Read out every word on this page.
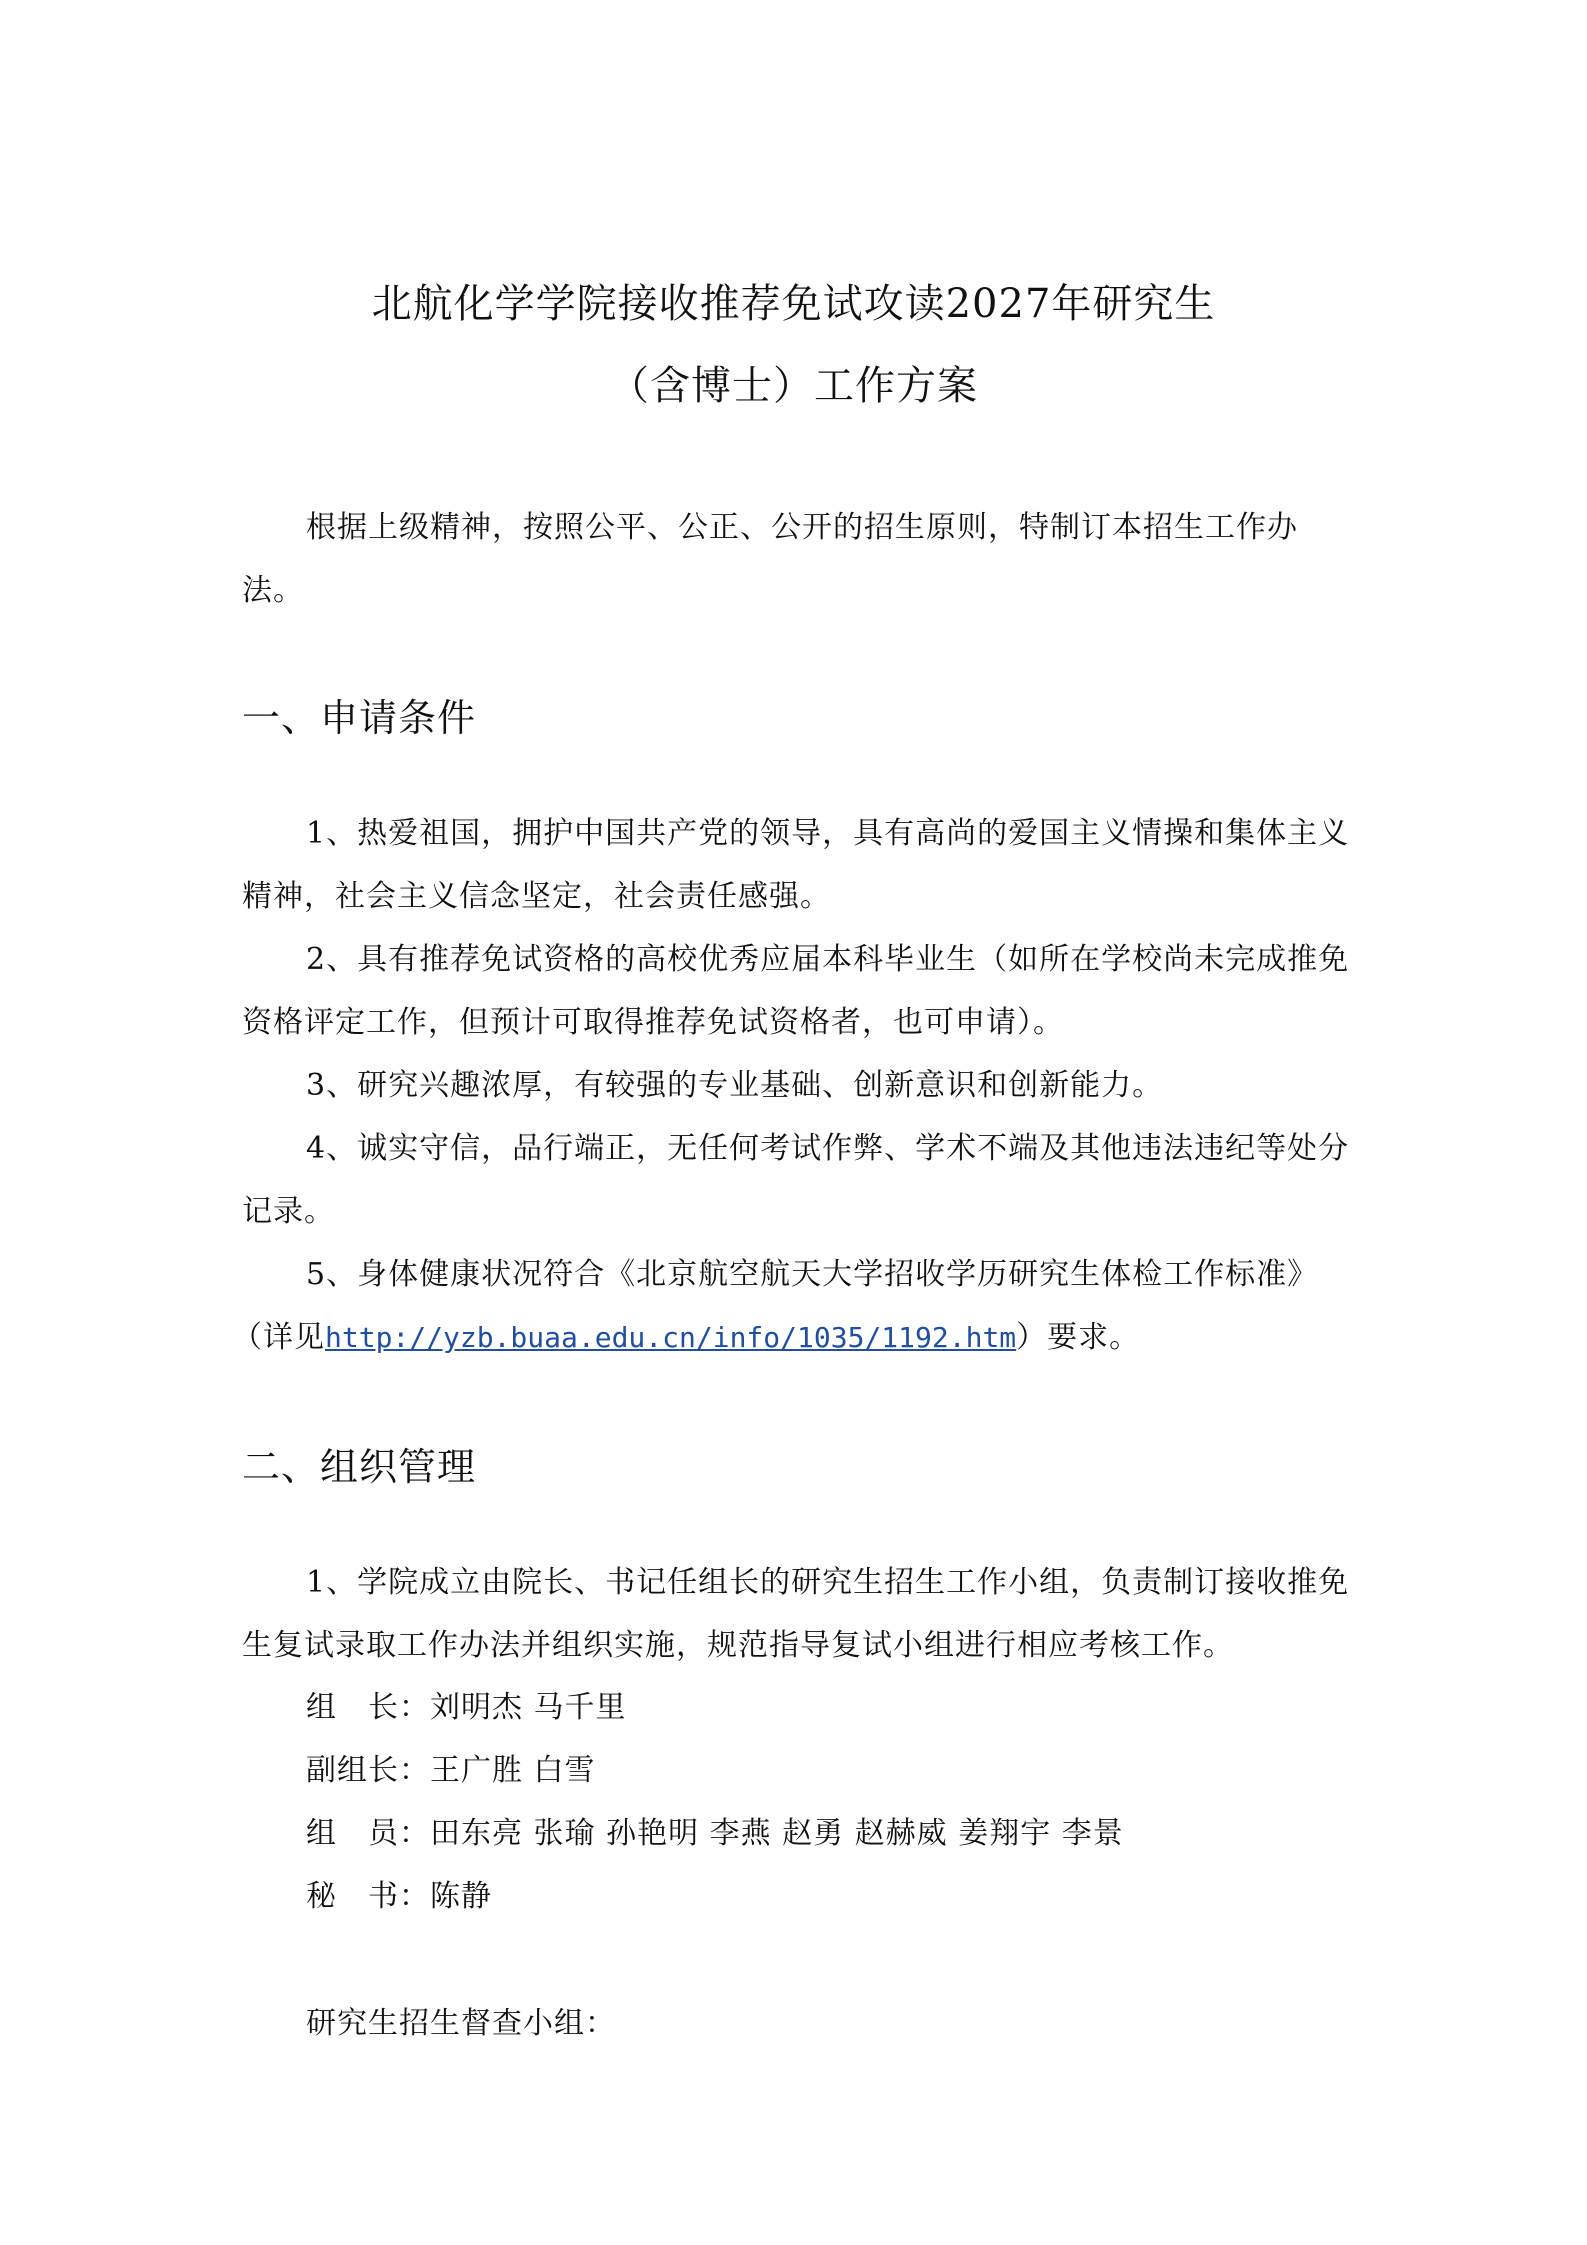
北航化学学院接收推荐免试攻读2027年研究生
（含博士）工作方案

根据上级精神，按照公平、公正、公开的招生原则，特制订本招生工作办法。

一、申请条件

1、热爱祖国，拥护中国共产党的领导，具有高尚的爱国主义情操和集体主义精神，社会主义信念坚定，社会责任感强。

2、具有推荐免试资格的高校优秀应届本科毕业生（如所在学校尚未完成推免资格评定工作，但预计可取得推荐免试资格者，也可申请）。

3、研究兴趣浓厚，有较强的专业基础、创新意识和创新能力。

4、诚实守信，品行端正，无任何考试作弊、学术不端及其他违法违纪等处分记录。

5、身体健康状况符合《北京航空航天大学招收学历研究生体检工作标准》

（详见http://yzb.buaa.edu.cn/info/1035/1192.htm）要求。

二、组织管理

1、学院成立由院长、书记任组长的研究生招生工作小组，负责制订接收推免生复试录取工作办法并组织实施，规范指导复试小组进行相应考核工作。

组　长：刘明杰 马千里

副组长：王广胜 白雪

组　员：田东亮 张瑜 孙艳明 李燕 赵勇 赵赫威 姜翔宇 李景

秘　书：陈静

研究生招生督查小组：
